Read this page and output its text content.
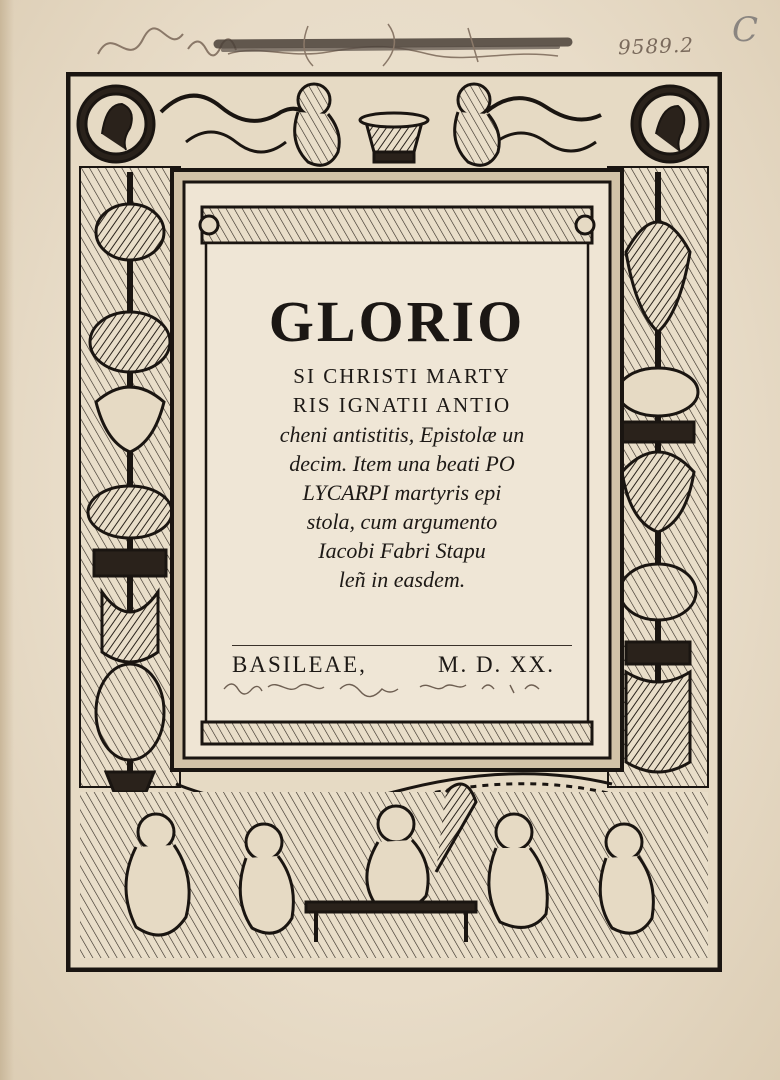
9589.2 C
GLORIO
SI CHRISTI MARTY
RIS IGNATII ANTIO
cheni antistitis, Epistolæ un
decim. Item una beati PO
LYCARPI martyris epi
stola, cum argumento
Iacobi Fabri Stapu
leñ in easdem.
BASILEAE,	M. D. XX.
